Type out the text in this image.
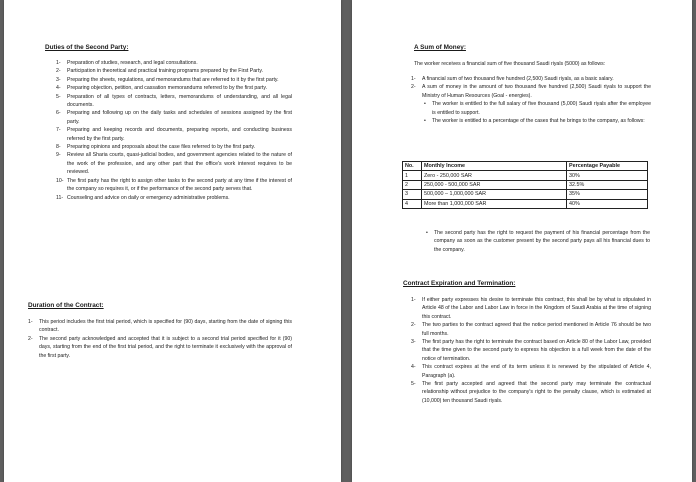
Duties of the Second Party:
1- Preparation of studies, research, and legal consultations.
2- Participation in theoretical and practical training programs prepared by the First Party.
3- Preparing the sheets, regulations, and memorandums that are referred to it by the first party.
4- Preparing objection, petition, and cassation memorandums referred to by the first party.
5- Preparation of all types of contracts, letters, memorandums of understanding, and all legal documents.
6- Preparing and following up on the daily tasks and schedules of sessions assigned by the first party.
7- Preparing and keeping records and documents, preparing reports, and conducting business referred by the first party.
8- Preparing opinions and proposals about the case files referred to by the first party.
9- Review all Sharia courts, quasi-judicial bodies, and government agencies related to the nature of the work of the profession, and any other part that the office's work interest requires to be reviewed.
10- The first party has the right to assign other tasks to the second party at any time if the interest of the company so requires it, or if the performance of the second party serves that.
11- Counseling and advice on daily or emergency administrative problems.
Duration of the Contract:
1- This period includes the first trial period, which is specified for (90) days, starting from the date of signing this contract.
2- The second party acknowledged and accepted that it is subject to a second trial period specified for it (90) days, starting from the end of the first trial period, and the right to terminate it exclusively with the approval of the first party.
A Sum of Money:
The worker receives a financial sum of five thousand Saudi riyals (5000) as follows:
1- A financial sum of two thousand five hundred (2,500) Saudi riyals, as a basic salary.
2- A sum of money in the amount of two thousand five hundred (2,500) Saudi riyals to support the Ministry of Human Resources (Goal - energies).
• The worker is entitled to the full salary of five thousand (5,000) Saudi riyals after the employee is entitled to support.
• The worker is entitled to a percentage of the cases that he brings to the company, as follows:
No.	Monthly Income	Percentage Payable
1	Zero - 250,000 SAR	30%
2	250,000 - 500,000 SAR	32.5%
3	500,000 – 1,000,000 SAR	35%
4	More than 1,000,000 SAR	40%
• The second party has the right to request the payment of his financial percentage from the company as soon as the customer present by the second party pays all his financial dues to the company.
Contract Expiration and Termination:
1- If either party expresses his desire to terminate this contract, this shall be by what is stipulated in Article 48 of the Labor and Labor Law in force in the Kingdom of Saudi Arabia at the time of signing this contract.
2- The two parties to the contract agreed that the notice period mentioned in Article 76 should be two full months.
3- The first party has the right to terminate the contract based on Article 80 of the Labor Law, provided that the time given to the second party to express his objection is a full week from the date of the notice of termination.
4- This contract expires at the end of its term unless it is renewed by the stipulated of Article 4, Paragraph (a).
5- The first party accepted and agreed that the second party may terminate the contractual relationship without prejudice to the company's right to the penalty clause, which is estimated at (10,000) ten thousand Saudi riyals.
